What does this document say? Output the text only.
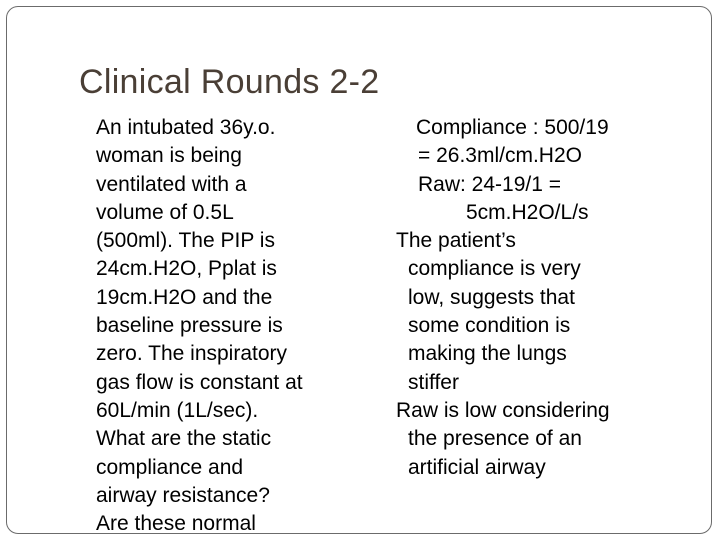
Clinical Rounds 2-2
An intubated 36y.o.
woman is being
ventilated with a
volume of 0.5L
(500ml). The PIP is
24cm.H2O, Pplat is
19cm.H2O and the
baseline pressure is
zero. The inspiratory
gas flow is constant at
60L/min (1L/sec).
What are the static
compliance and
airway resistance?
Are these normal
Compliance : 500/19
= 26.3ml/cm.H2O
Raw: 24-19/1 =
5cm.H2O/L/s
The patient’s
compliance is very
low, suggests that
some condition is
making the lungs
stiffer
Raw is low considering
the presence of an
artificial airway
